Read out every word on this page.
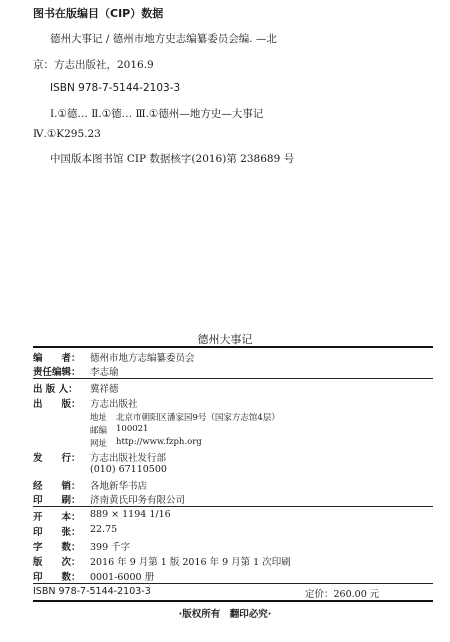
图书在版编目（CIP）数据
德州大事记 / 德州市地方史志编纂委员会编. —北
京：方志出版社，2016.9
ISBN 978-7-5144-2103-3
Ⅰ.①德… Ⅱ.①德… Ⅲ.①德州—地方史—大事记
Ⅳ.①K295.23
中国版本图书馆 CIP 数据核字(2016)第 238689 号
德州大事记
编　　者： 德州市地方志编纂委员会
责任编辑： 李志瑜
出 版 人： 冀祥德
出　　版： 方志出版社
地址 北京市朝阳区潘家园9号（国家方志馆4层）
邮编 100021
网址 http://www.fzph.org
发　　行： 方志出版社发行部
(010) 67110500
经　　销： 各地新华书店
印　　刷： 济南黄氏印务有限公司
开　　本： 889 × 1194 1/16
印　　张： 22.75
字　　数： 399 千字
版　　次： 2016 年 9 月第 1 版 2016 年 9 月第 1 次印刷
印　　数： 0001-6000 册
ISBN 978-7-5144-2103-3	定价：260.00 元
·版权所有　翻印必究·
